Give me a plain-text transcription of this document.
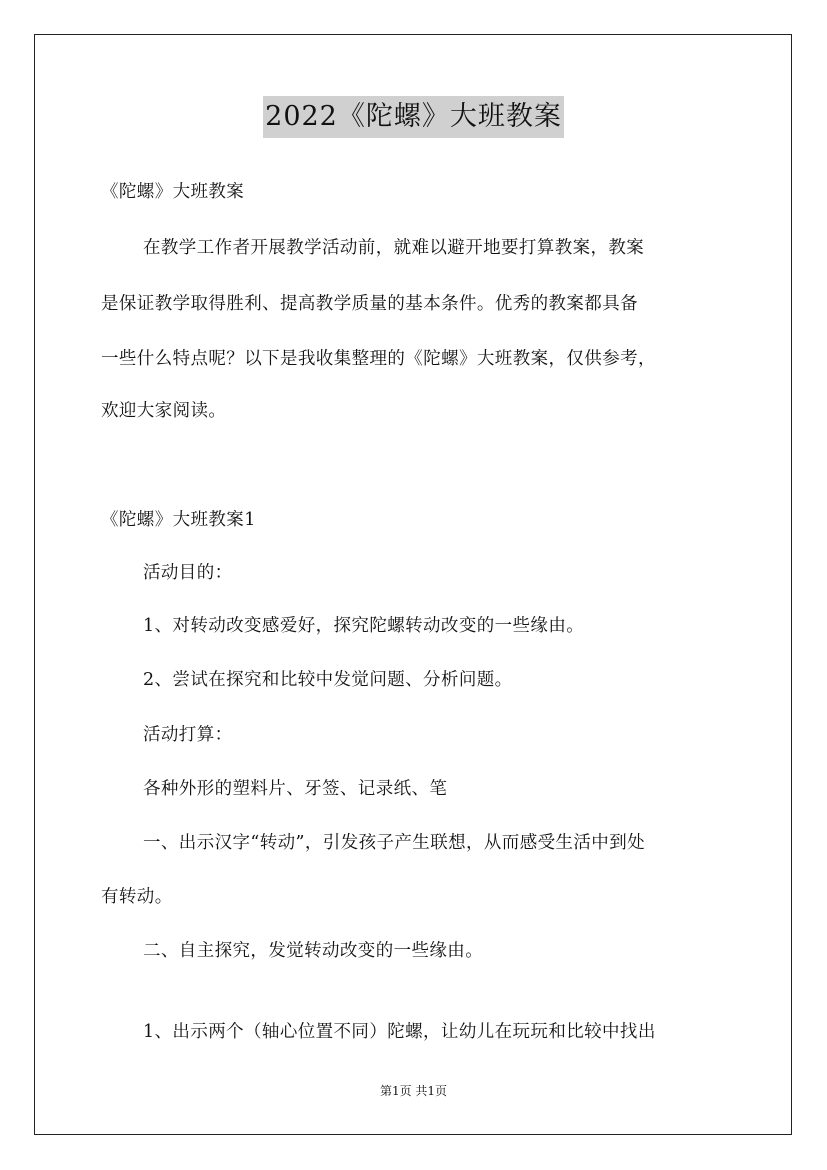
2022《陀螺》大班教案
《陀螺》大班教案
在教学工作者开展教学活动前，就难以避开地要打算教案，教案
是保证教学取得胜利、提高教学质量的基本条件。优秀的教案都具备
一些什么特点呢？以下是我收集整理的《陀螺》大班教案，仅供参考，
欢迎大家阅读。
《陀螺》大班教案1
活动目的：
1、对转动改变感爱好，探究陀螺转动改变的一些缘由。
2、尝试在探究和比较中发觉问题、分析问题。
活动打算：
各种外形的塑料片、牙签、记录纸、笔
一、出示汉字“转动”，引发孩子产生联想，从而感受生活中到处
有转动。
二、自主探究，发觉转动改变的一些缘由。
1、出示两个（轴心位置不同）陀螺，让幼儿在玩玩和比较中找出
第1页 共1页
